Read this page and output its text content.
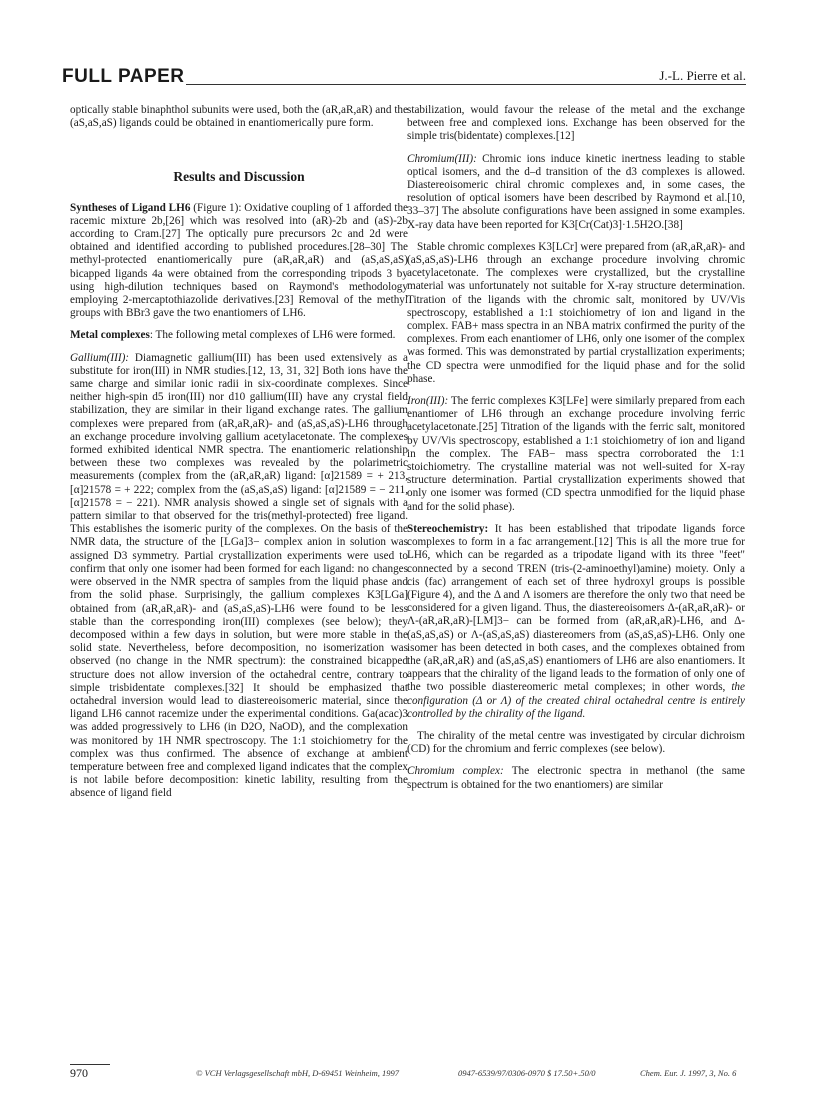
FULL PAPER	J.-L. Pierre et al.

optically stable binaphthol subunits were used, both the (aR,aR,aR) and the (aS,aS,aS) ligands could be obtained in enantiomerically pure form.

Results and Discussion

Syntheses of Ligand LH6 (Figure 1): Oxidative coupling of 1 afforded the racemic mixture 2b,[26] which was resolved into (aR)-2b and (aS)-2b according to Cram.[27] The optically pure precursors 2c and 2d were obtained and identified according to published procedures.[28–30] The methyl-protected enantiomerically pure (aR,aR,aR) and (aS,aS,aS) bicapped ligands 4a were obtained from the corresponding tripods 3 by using high-dilution techniques based on Raymond's methodology employing 2-mercaptothiazolide derivatives.[23] Removal of the methyl groups with BBr3 gave the two enantiomers of LH6.

Metal complexes: The following metal complexes of LH6 were formed.

Gallium(III): Diamagnetic gallium(III) has been used extensively as a substitute for iron(III) in NMR studies.[12, 13, 31, 32] Both ions have the same charge and similar ionic radii in six-coordinate complexes. Since neither high-spin d5 iron(III) nor d10 gallium(III) have any crystal field stabilization, they are similar in their ligand exchange rates. The gallium complexes were prepared from (aR,aR,aR)- and (aS,aS,aS)-LH6 through an exchange procedure involving gallium acetylacetonate. The complexes formed exhibited identical NMR spectra. The enantiomeric relationship between these two complexes was revealed by the polarimetric measurements (complex from the (aR,aR,aR) ligand: [α]21589 = + 213, [α]21578 = + 222; complex from the (aS,aS,aS) ligand: [α]21589 = − 211, [α]21578 = − 221). NMR analysis showed a single set of signals with a pattern similar to that observed for the tris(methyl-protected) free ligand. This establishes the isomeric purity of the complexes. On the basis of the NMR data, the structure of the [LGa]3− complex anion in solution was assigned D3 symmetry. Partial crystallization experiments were used to confirm that only one isomer had been formed for each ligand: no changes were observed in the NMR spectra of samples from the liquid phase and from the solid phase. Surprisingly, the gallium complexes K3[LGa] obtained from (aR,aR,aR)- and (aS,aS,aS)-LH6 were found to be less stable than the corresponding iron(III) complexes (see below); they decomposed within a few days in solution, but were more stable in the solid state. Nevertheless, before decomposition, no isomerization was observed (no change in the NMR spectrum): the constrained bicapped structure does not allow inversion of the octahedral centre, contrary to simple trisbidentate complexes.[32] It should be emphasized that octahedral inversion would lead to diastereoisomeric material, since the ligand LH6 cannot racemize under the experimental conditions. Ga(acac)3 was added progressively to LH6 (in D2O, NaOD), and the complexation was monitored by 1H NMR spectroscopy. The 1:1 stoichiometry for the complex was thus confirmed. The absence of exchange at ambient temperature between free and complexed ligand indicates that the complex is not labile before decomposition: kinetic lability, resulting from the absence of ligand field

stabilization, would favour the release of the metal and the exchange between free and complexed ions. Exchange has been observed for the simple tris(bidentate) complexes.[12]

Chromium(III): Chromic ions induce kinetic inertness leading to stable optical isomers, and the d–d transition of the d3 complexes is allowed. Diastereoisomeric chiral chromic complexes and, in some cases, the resolution of optical isomers have been described by Raymond et al.[10, 33–37] The absolute configurations have been assigned in some examples. X-ray data have been reported for K3[Cr(Cat)3]·1.5H2O.[38]

Stable chromic complexes K3[LCr] were prepared from (aR,aR,aR)- and (aS,aS,aS)-LH6 through an exchange procedure involving chromic acetylacetonate. The complexes were crystallized, but the crystalline material was unfortunately not suitable for X-ray structure determination. Titration of the ligands with the chromic salt, monitored by UV/Vis spectroscopy, established a 1:1 stoichiometry of ion and ligand in the complex. FAB+ mass spectra in an NBA matrix confirmed the purity of the complexes. From each enantiomer of LH6, only one isomer of the complex was formed. This was demonstrated by partial crystallization experiments; the CD spectra were unmodified for the liquid phase and for the solid phase.

Iron(III): The ferric complexes K3[LFe] were similarly prepared from each enantiomer of LH6 through an exchange procedure involving ferric acetylacetonate.[25] Titration of the ligands with the ferric salt, monitored by UV/Vis spectroscopy, established a 1:1 stoichiometry of ion and ligand in the complex. The FAB− mass spectra corroborated the 1:1 stoichiometry. The crystalline material was not well-suited for X-ray structure determination. Partial crystallization experiments showed that only one isomer was formed (CD spectra unmodified for the liquid phase and for the solid phase).

Stereochemistry: It has been established that tripodate ligands force complexes to form in a fac arrangement.[12] This is all the more true for LH6, which can be regarded as a tripodate ligand with its three "feet" connected by a second TREN (tris-(2-aminoethyl)amine) moiety. Only a cis (fac) arrangement of each set of three hydroxyl groups is possible (Figure 4), and the Δ and Λ isomers are therefore the only two that need be considered for a given ligand. Thus, the diastereoisomers Δ-(aR,aR,aR)- or Λ-(aR,aR,aR)-[LM]3− can be formed from (aR,aR,aR)-LH6, and Δ-(aS,aS,aS) or Λ-(aS,aS,aS) diastereomers from (aS,aS,aS)-LH6. Only one isomer has been detected in both cases, and the complexes obtained from the (aR,aR,aR) and (aS,aS,aS) enantiomers of LH6 are also enantiomers. It appears that the chirality of the ligand leads to the formation of only one of the two possible diastereomeric metal complexes; in other words, the configuration (Δ or Λ) of the created chiral octahedral centre is entirely controlled by the chirality of the ligand.

The chirality of the metal centre was investigated by circular dichroism (CD) for the chromium and ferric complexes (see below).

Chromium complex: The electronic spectra in methanol (the same spectrum is obtained for the two enantiomers) are similar

970	© VCH Verlagsgesellschaft mbH, D-69451 Weinheim, 1997	0947-6539/97/0306-0970 $ 17.50+.50/0	Chem. Eur. J. 1997, 3, No. 6
